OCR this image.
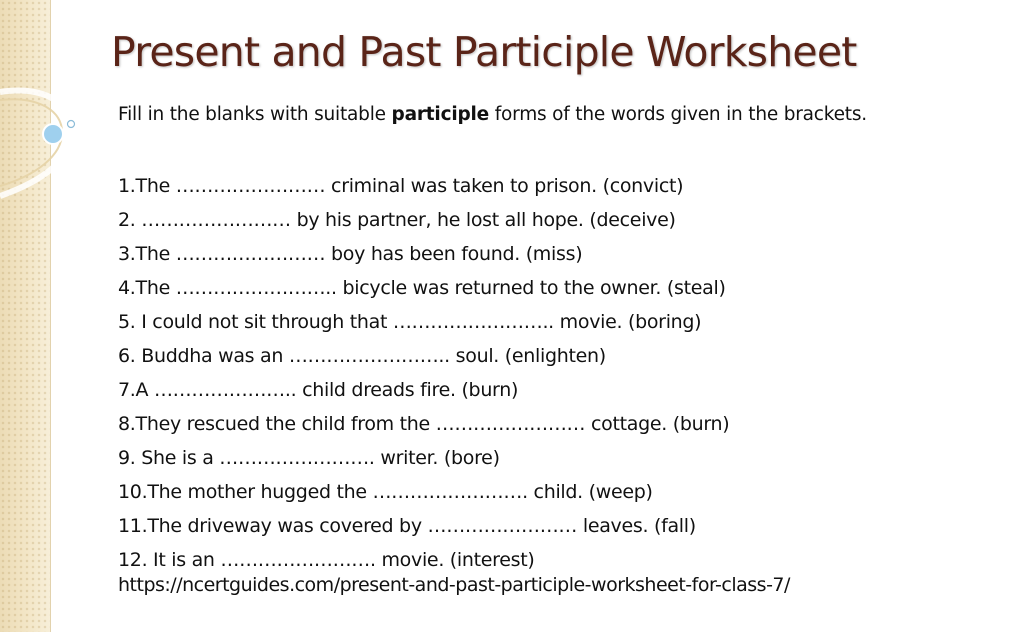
Present and Past Participle Worksheet

Fill in the blanks with suitable participle forms of the words given in the brackets.

1.The …………………… criminal was taken to prison. (convict)
2. …………………… by his partner, he lost all hope. (deceive)
3.The …………………… boy has been found. (miss)
4.The …………………….. bicycle was returned to the owner. (steal)
5. I could not sit through that …………………….. movie. (boring)
6. Buddha was an …………………….. soul. (enlighten)
7.A ………………….. child dreads fire. (burn)
8.They rescued the child from the …………………… cottage. (burn)
9. She is a ……………………. writer. (bore)
10.The mother hugged the ……………………. child. (weep)
11.The driveway was covered by …………………… leaves. (fall)
12. It is an ……………………. movie. (interest)

https://ncertguides.com/present-and-past-participle-worksheet-for-class-7/
